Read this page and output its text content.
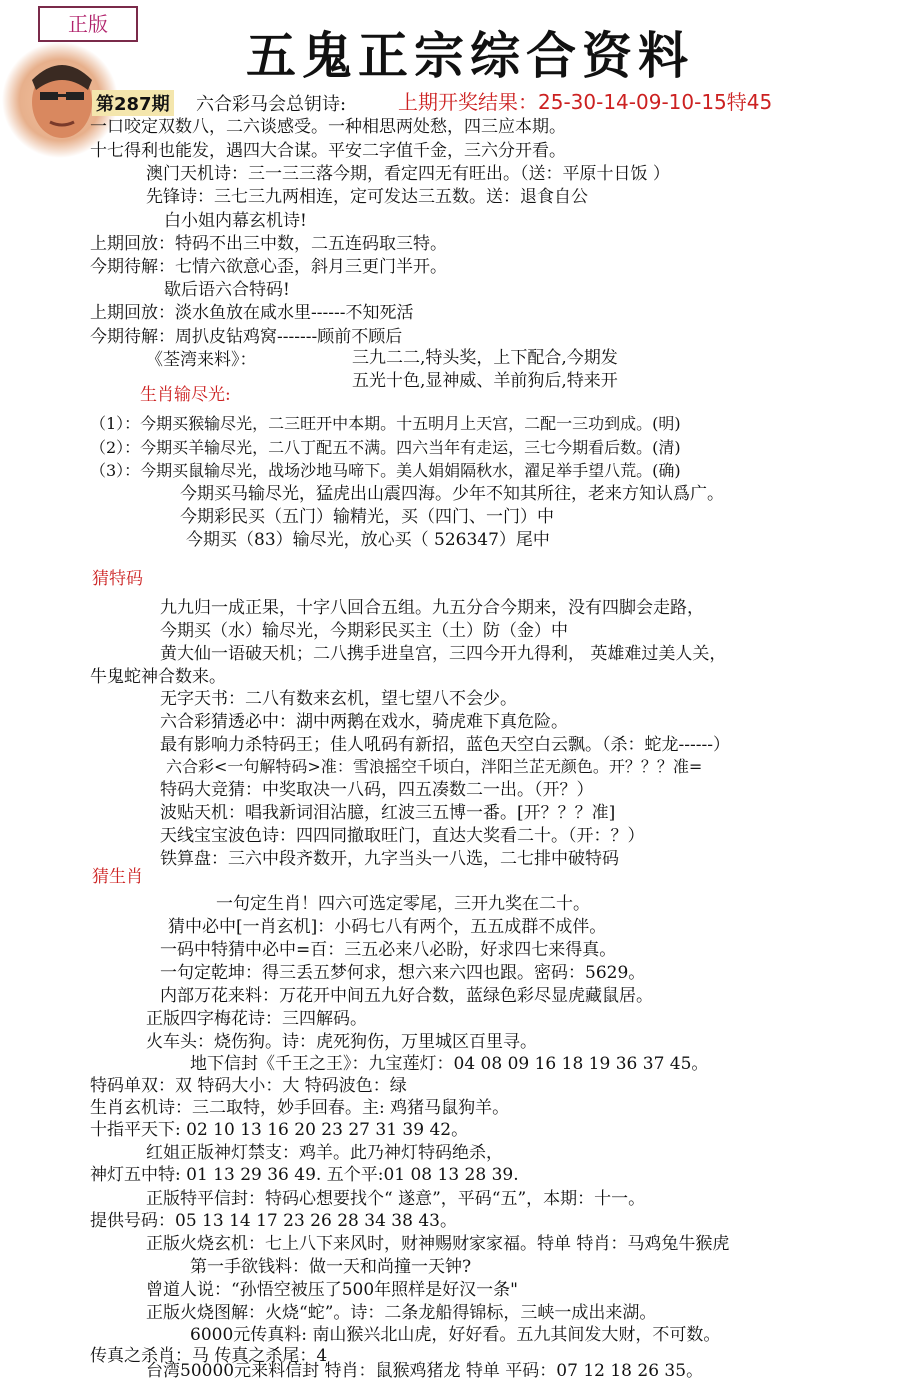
正版
五鬼正宗综合资料
第287期 六合彩马会总钥诗:	上期开奖结果：25-30-14-09-10-15特45
一口咬定双数八，二六谈感受。一种相思两处愁，四三应本期。
十七得利也能发，遇四大合谋。平安二字值千金，三六分开看。
澳门天机诗：三一三三落今期，看定四无有旺出。（送：平原十日饭 ）
先锋诗：三七三九两相连，定可发达三五数。送：退食自公
白小姐内幕玄机诗!
上期回放：特码不出三中数，二五连码取三特。
今期待解：七情六欲意心歪，斜月三更门半开。
歇后语六合特码!
上期回放：淡水鱼放在咸水里------不知死活
今期待解：周扒皮钻鸡窝-------顾前不顾后
《荃湾来料》：	三九二二,特头奖，上下配合,今期发
五光十色,显神威、羊前狗后,特来开
生肖输尽光:
（1）：今期买猴输尽光，二三旺开中本期。十五明月上天宫，二配一三功到成。(明)
（2）：今期买羊输尽光，二八丁配五不满。四六当年有走运，三七今期看后数。(清)
（3）：今期买鼠输尽光，战场沙地马啼下。美人娟娟隔秋水，濯足举手望八荒。(确)
今期买马输尽光，猛虎出山震四海。少年不知其所往，老来方知认爲广。
今期彩民买（五门）输精光，买（四门、一门）中
今期买（83）输尽光，放心买（ 526347）尾中
猜特码
九九归一成正果，十字八回合五组。九五分合今期来，没有四脚会走路，
今期买（水）输尽光，今期彩民买主（土）防（金）中
黄大仙一语破天机；二八携手进皇宫，三四今开九得利， 英雄难过美人关，
牛鬼蛇神合数来。
无字天书：二八有数来玄机，望七望八不会少。
六合彩猜透必中：湖中两鹅在戏水，骑虎难下真危险。
最有影响力杀特码王；佳人吼码有新招，蓝色天空白云飘。（杀：蛇龙------）
六合彩<一句解特码>准：雪浪摇空千顷白，泮阳兰芷无颜色。开？？？准=
特码大竞猜：中奖取决一八码，四五凑数二一出。（开？）
波贴天机：唱我新词泪沾臆，红波三五博一番。[开？？？准]
天线宝宝波色诗：四四同撤取旺门，直达大奖看二十。（开：？）
铁算盘：三六中段齐数开，九字当头一八选，二七排中破特码
猜生肖
一句定生肖！四六可选定零尾，三开九奖在二十。
猜中必中[一肖玄机]：小码七八有两个，五五成群不成伴。
一码中特猜中必中=百：三五必来八必盼，好求四七来得真。
一句定乾坤：得三丢五梦何求，想六来六四也跟。密码：5629。
内部万花来料：万花开中间五九好合数，蓝绿色彩尽显虎藏鼠居。
正版四字梅花诗：三四解码。
火车头：烧伤狗。诗：虎死狗伤，万里城区百里寻。
地下信封《千王之王》：九宝莲灯：04 08 09 16 18 19 36 37 45。
特码单双：双 特码大小：大 特码波色：绿
生肖玄机诗：三二取特，妙手回春。主: 鸡猪马鼠狗羊。
十指平天下: 02 10 13 16 20 23 27 31 39 42。
红姐正版神灯禁支：鸡羊。此乃神灯特码绝杀，
神灯五中特: 01 13 29 36 49. 五个平:01 08 13 28 39.
正版特平信封：特码心想要找个“ 遂意”，平码“五”，本期：十一。
提供号码：05 13 14 17 23 26 28 34 38 43。
正版火烧玄机：七上八下来风时，财神赐财家家福。特单 特肖：马鸡兔牛猴虎
第一手欲钱料：做一天和尚撞一天钟?
曾道人说：“孙悟空被压了500年照样是好汉一条"
正版火烧图解：火烧“蛇”。诗：二条龙船得锦标，三峡一成出来湖。
6000元传真料: 南山猴兴北山虎，好好看。五九其间发大财，不可数。
传真之杀肖：马 传真之杀尾：4
台湾50000元来料信封 特肖：鼠猴鸡猪龙 特单 平码：07 12 18 26 35。
